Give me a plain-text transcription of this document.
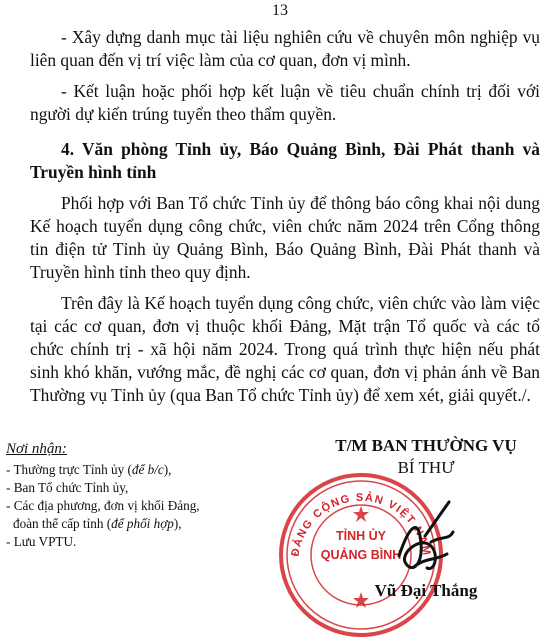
13

- Xây dựng danh mục tài liệu nghiên cứu về chuyên môn nghiệp vụ liên quan đến vị trí việc làm của cơ quan, đơn vị mình.

- Kết luận hoặc phối hợp kết luận về tiêu chuẩn chính trị đối với người dự kiến trúng tuyển theo thẩm quyền.

4. Văn phòng Tỉnh ủy, Báo Quảng Bình, Đài Phát thanh và Truyền hình tỉnh

Phối hợp với Ban Tổ chức Tỉnh ủy để thông báo công khai nội dung Kế hoạch tuyển dụng công chức, viên chức năm 2024 trên Cổng thông tin điện tử Tỉnh ủy Quảng Bình, Báo Quảng Bình, Đài Phát thanh và Truyền hình tỉnh theo quy định.

Trên đây là Kế hoạch tuyển dụng công chức, viên chức vào làm việc tại các cơ quan, đơn vị thuộc khối Đảng, Mặt trận Tổ quốc và các tổ chức chính trị - xã hội năm 2024. Trong quá trình thực hiện nếu phát sinh khó khăn, vướng mắc, đề nghị các cơ quan, đơn vị phản ánh về Ban Thường vụ Tỉnh ủy (qua Ban Tổ chức Tỉnh ủy) để xem xét, giải quyết./.

Nơi nhận:
- Thường trực Tỉnh ủy (để b/c),
- Ban Tổ chức Tỉnh ủy,
- Các địa phương, đơn vị khối Đảng,
đoàn thể cấp tỉnh (để phối hợp),
- Lưu VPTU.
T/M BAN THƯỜNG VỤ
BÍ THƯ
ĐẢNG CỘNG SẢN VIỆT NAM
TỈNH ỦY
QUẢNG BÌNH
Vũ Đại Thắng
